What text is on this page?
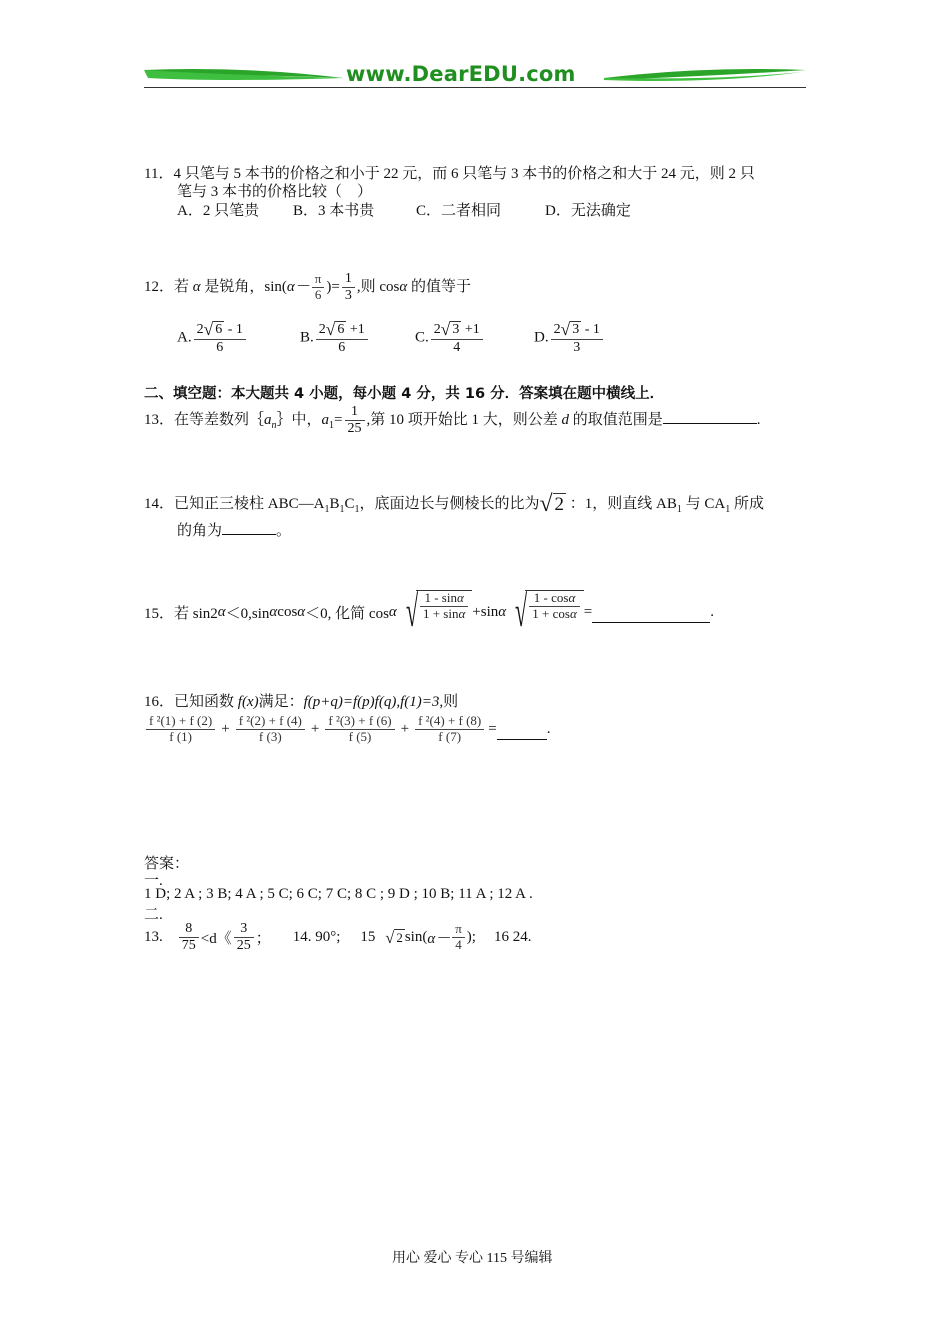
www.DearEDU.com
11．4 只笔与 5 本书的价格之和小于 22 元，而 6 只笔与 3 本书的价格之和大于 24 元，则 2 只
笔与 3 本书的价格比较（　）
A．2 只笔贵 B．3 本书贵	C．二者相同	D．无法确定
12．若 α 是锐角，$\sin(\alpha- \frac{\pi}{6}$ )= $\frac{1}{3}$ ,则 cosα 的值等于
A. $\frac{2 √ 6 - 1}{6}$	B. $\frac{2 √ 6 +1}{6}$	C. $\frac{2 √ 3 +1}{4}$	D. $\frac{2 √ 3 - 1}{3}$
二、填空题：本大题共 4 小题，每小题 4 分，共 16 分．答案填在题中横线上．
13．在等差数列$\{a_n\}$中，$a_1= \frac{1}{25}$ ,第 10 项开始比 1 大，则公差 d 的取值范围是	.
14．已知正三棱柱 $ABC—A_1B_1C_1$，底面边长与侧棱长的比为 √ 2 ：1，则直线 $AB_1$ 与 $CA_1$ 所成
的角为	。
15．若 sin2 α ＜0,sin α cos α ＜0, 化简 cos α √ $\frac{1 - \sin\alpha}{1 + \sin\alpha} +\sin$ α √ $\frac{1 - \cos\alpha}{1 + \cos\alpha}$ =	.
16．已知函数 f(x)满足：f(p+q)=f(p)f(q),f(1)=3,则
$\frac{\text{f ²(1) + f (2)}}{f (1)} + \frac{\text{f ²(2) + f (4)}}{f (3)} + \frac{\text{f ²(3) + f (6)}}{f (5)} + \frac{\text{f ²(4) + f (8)}}{f (7)}$ =	.
答案：
一.
1 D; 2 A ; 3 B; 4 A ; 5 C; 6 C; 7 C; 8 C ; 9 D ; 10 B; 11 A ; 12 A .
二.
13. $\frac{8}{75} <d$《 $\frac{3}{25}$ ； 14. 90°; 15 √ 2 sin( $\alpha- \frac{\pi}{4}$ ); 16 24.
用心 爱心 专心 115 号编辑
